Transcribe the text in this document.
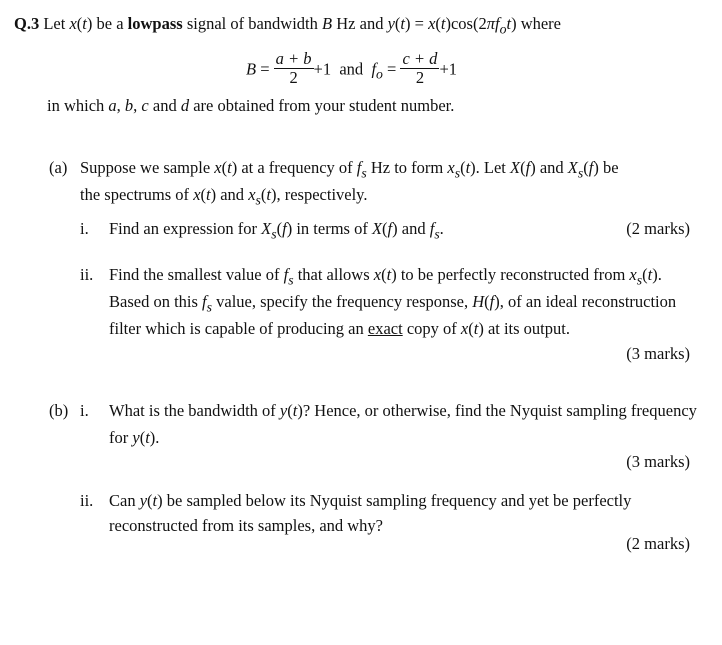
Q.3 Let x(t) be a lowpass signal of bandwidth B Hz and $y(t) = x(t)\cos(2\pi f_ot)$ where
$B = \frac{a + b}{2} +1$ and $f_o = \frac{c + d}{2} +1$
in which a, b, c and d are obtained from your student number.
(a) Suppose we sample x(t) at a frequency of $f_s$ Hz to form $x_s(t)$. Let X(f) and $X_s(f)$ be
the spectrums of x(t) and $x_s(t)$, respectively.
i. Find an expression for $X_s(f)$ in terms of X(f) and $f_s$.	(2 marks)
ii. Find the smallest value of $f_s$ that allows x(t) to be perfectly reconstructed from $x_s(t)$.
Based on this $f_s$ value, specify the frequency response, H(f), of an ideal reconstruction
filter which is capable of producing an exact copy of x(t) at its output.
(3 marks)
(b) i. What is the bandwidth of y(t)? Hence, or otherwise, find the Nyquist sampling frequency
for y(t).
(3 marks)
ii. Can y(t) be sampled below its Nyquist sampling frequency and yet be perfectly
reconstructed from its samples, and why?
(2 marks)
